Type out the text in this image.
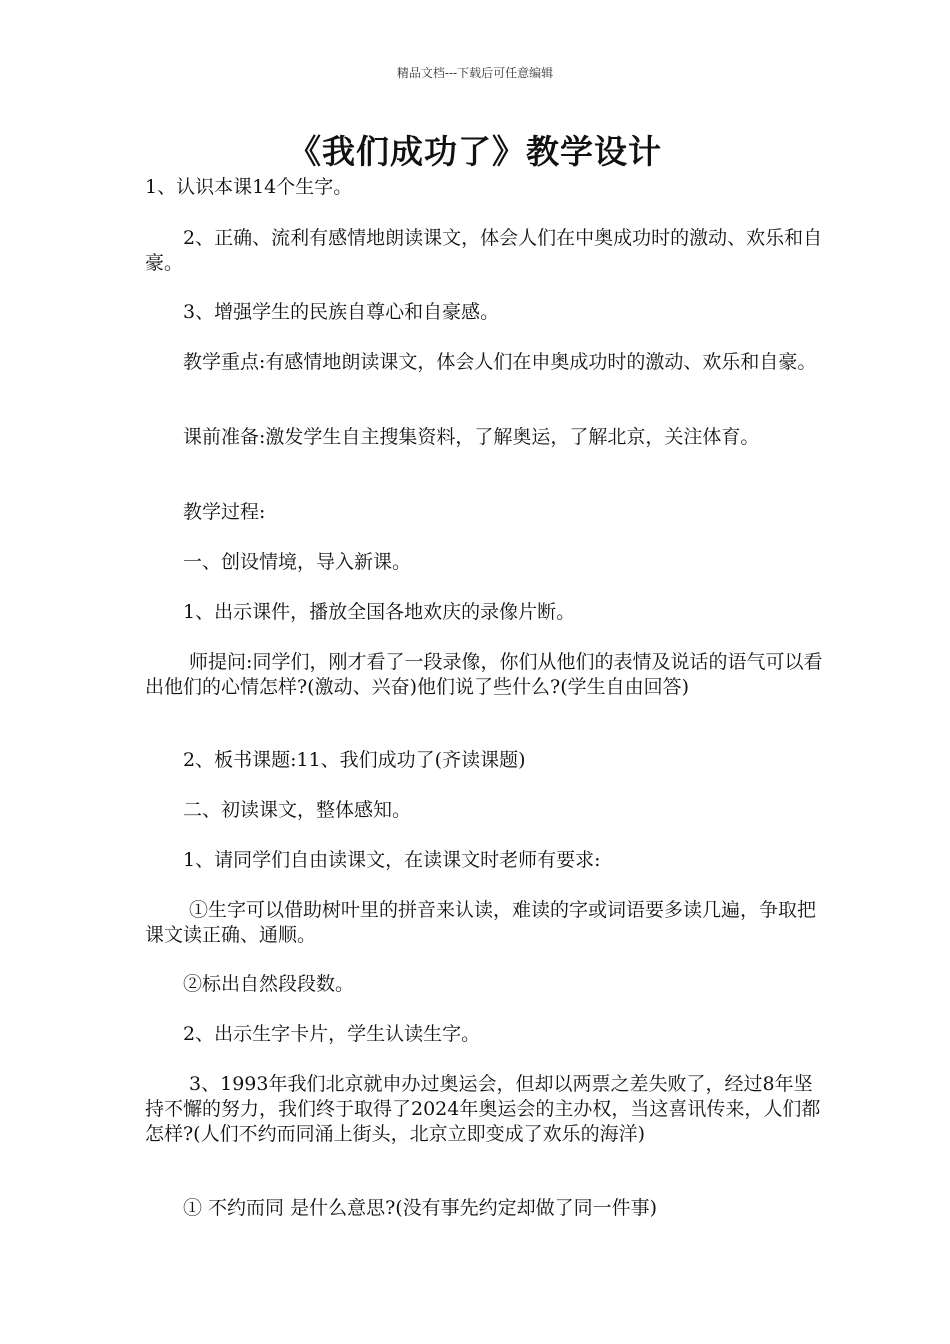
精品文档---下载后可任意编辑
《我们成功了》教学设计
1、认识本课14个生字。
　　2、正确、流利有感情地朗读课文，体会人们在中奥成功时的激动、欢乐和自豪。
　　3、增强学生的民族自尊心和自豪感。
　　教学重点:有感情地朗读课文，体会人们在申奥成功时的激动、欢乐和自豪。
　　课前准备:激发学生自主搜集资料，了解奥运，了解北京，关注体育。
　　教学过程:
　　一、创设情境，导入新课。
　　1、出示课件，播放全国各地欢庆的录像片断。
　　 师提问:同学们，刚才看了一段录像，你们从他们的表情及说话的语气可以看出他们的心情怎样?(激动、兴奋)他们说了些什么?(学生自由回答)
　　2、板书课题:11、我们成功了(齐读课题)
　　二、初读课文，整体感知。
　　1、请同学们自由读课文，在读课文时老师有要求:
　　 ①生字可以借助树叶里的拼音来认读，难读的字或词语要多读几遍，争取把课文读正确、通顺。
　　②标出自然段段数。
　　2、出示生字卡片，学生认读生字。
　　 3、1993年我们北京就申办过奥运会，但却以两票之差失败了，经过8年坚持不懈的努力，我们终于取得了2024年奥运会的主办权，当这喜讯传来，人们都怎样?(人们不约而同涌上街头，北京立即变成了欢乐的海洋)
　　① 不约而同 是什么意思?(没有事先约定却做了同一件事)
